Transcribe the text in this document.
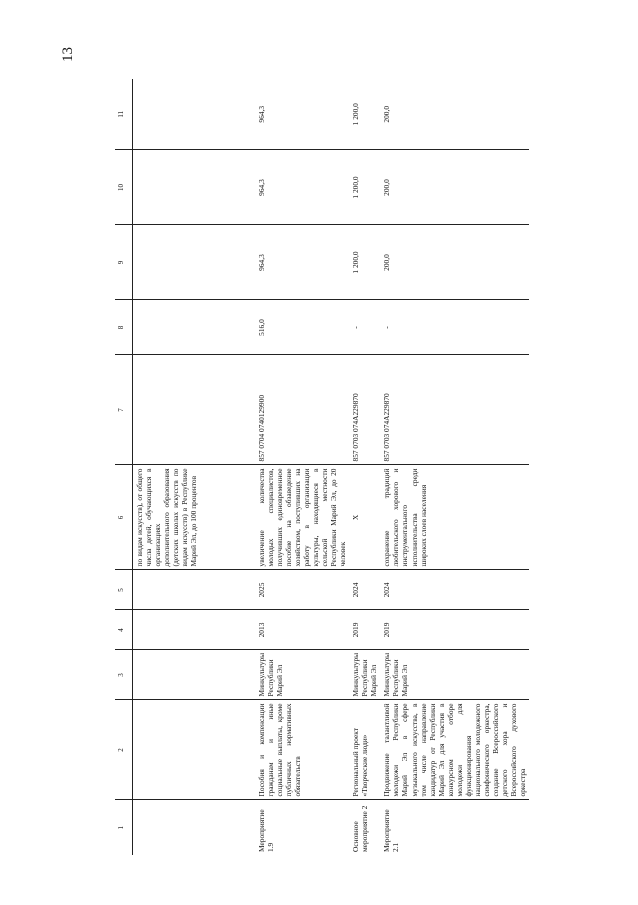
13
1	2	3	4	5	6	7	8	9	10	11

					по видам искусств), от общего числа детей, обучающихся в организациях дополнительного образования (детских школах искусств по видам искусств) в Республике Марий Эл, до 100 процентов					
Мероприятие 1.9	Пособия и компенсации гражданам и иные социальные выплаты, кроме публичных нормативных обязательств	Минкультуры Республики Марий Эл	2013	2025	увеличение количества молодых специалистов, получивших единовременное пособие на обзаведение хозяйством, поступивших на работу в организации культуры, находящиеся в сельской местности Республики Марий Эл, до 20 человек	857 0704 0740129900	516,0	964,3	964,3	964,3
Основное мероприятие 2	Региональный проект «Творческие люди»	Минкультуры Республики Марий Эл	2019	2024	X	857 0703 074A229870	-	1 200,0	1 200,0	1 200,0
Мероприятие 2.1	Продвижение талантливой молодежи Республики Марий Эл в сфере музыкального искусства, в том числе направление кандидатур от Республики Марий Эл для участия в конкурсном отборе молодежи для функционирования национального молодежного симфонического оркестра, создание Всероссийского детского хора и Всероссийского духового оркестра	Минкультуры Республики Марий Эл	2019	2024	сохранение традиций любительского хорового и инструментального исполнительства среди широких слоев населения	857 0703 074A229870	-	200,0	200,0	200,0
